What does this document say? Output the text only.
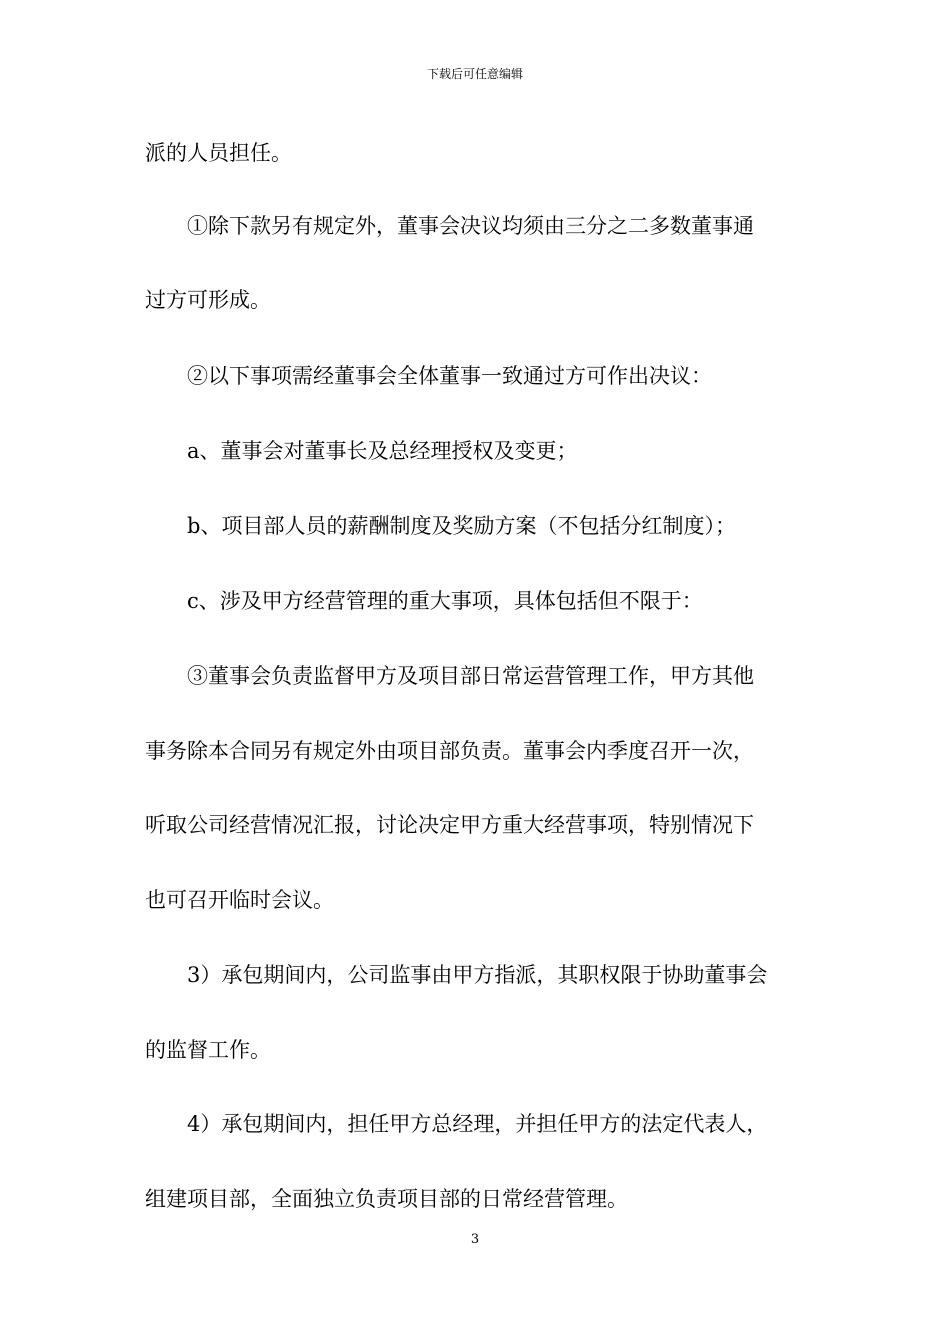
下载后可任意编辑
派的人员担任。
①除下款另有规定外，董事会决议均须由三分之二多数董事通
过方可形成。
②以下事项需经董事会全体董事一致通过方可作出决议：
a、董事会对董事长及总经理授权及变更；
b、项目部人员的薪酬制度及奖励方案（不包括分红制度）；
c、涉及甲方经营管理的重大事项，具体包括但不限于：
③董事会负责监督甲方及项目部日常运营管理工作，甲方其他
事务除本合同另有规定外由项目部负责。董事会内季度召开一次，
听取公司经营情况汇报，讨论决定甲方重大经营事项，特别情况下
也可召开临时会议。
3）承包期间内，公司监事由甲方指派，其职权限于协助董事会
的监督工作。
4）承包期间内，担任甲方总经理，并担任甲方的法定代表人，
组建项目部，全面独立负责项目部的日常经营管理。
3
